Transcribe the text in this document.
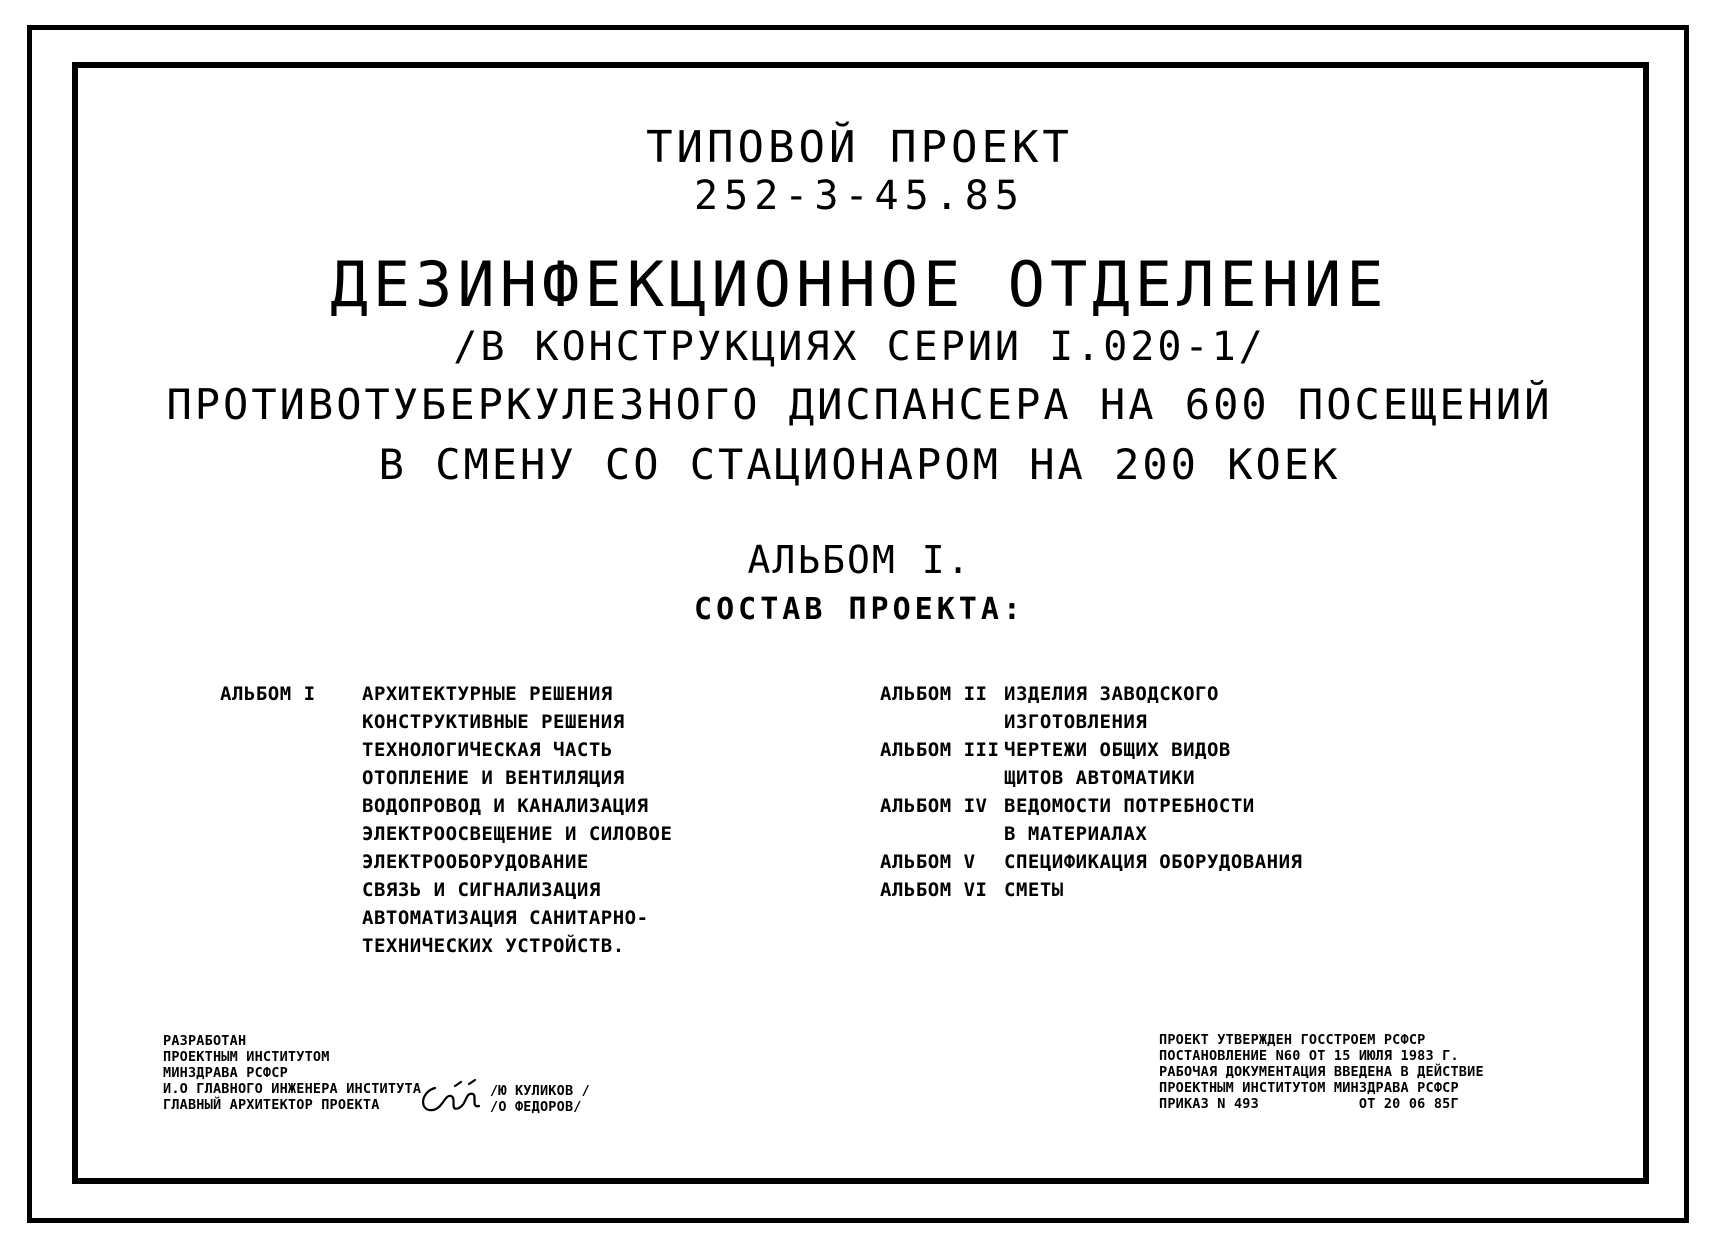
ТИПОВОЙ ПРОЕКТ
252-3-45.85
ДЕЗИНФЕКЦИОННОЕ ОТДЕЛЕНИЕ
/В КОНСТРУКЦИЯХ СЕРИИ I.020-1/
ПРОТИВОТУБЕРКУЛЕЗНОГО ДИСПАНСЕРА НА 600 ПОСЕЩЕНИЙ
В СМЕНУ СО СТАЦИОНАРОМ НА 200 КОЕК
АЛЬБОМ I.
СОСТАВ ПРОЕКТА:
АЛЬБОМ I	АРХИТЕКТУРНЫЕ РЕШЕНИЯ
КОНСТРУКТИВНЫЕ РЕШЕНИЯ
ТЕХНОЛОГИЧЕСКАЯ ЧАСТЬ
ОТОПЛЕНИЕ И ВЕНТИЛЯЦИЯ
ВОДОПРОВОД И КАНАЛИЗАЦИЯ
ЭЛЕКТРООСВЕЩЕНИЕ И СИЛОВОЕ
ЭЛЕКТРООБОРУДОВАНИЕ
СВЯЗЬ И СИГНАЛИЗАЦИЯ
АВТОМАТИЗАЦИЯ САНИТАРНО-
ТЕХНИЧЕСКИХ УСТРОЙСТВ.
АЛЬБОМ II ИЗДЕЛИЯ ЗАВОДСКОГО
ИЗГОТОВЛЕНИЯ
АЛЬБОМ III ЧЕРТЕЖИ ОБЩИХ ВИДОВ
ЩИТОВ АВТОМАТИКИ
АЛЬБОМ IV ВЕДОМОСТИ ПОТРЕБНОСТИ
В МАТЕРИАЛАХ
АЛЬБОМ V	СПЕЦИФИКАЦИЯ ОБОРУДОВАНИЯ
АЛЬБОМ VI СМЕТЫ
РАЗРАБОТАН
ПРОЕКТНЫМ ИНСТИТУТОМ
МИНЗДРАВА РСФСР
И.О ГЛАВНОГО ИНЖЕНЕРА ИНСТИТУТА
ГЛАВНЫЙ АРХИТЕКТОР ПРОЕКТА
/Ю КУЛИКОВ /
/О ФЕДОРОВ/
ПРОЕКТ УТВЕРЖДЕН ГОССТРОЕМ РСФСР
ПОСТАНОВЛЕНИЕ N60 ОТ 15 ИЮЛЯ 1983 Г.
РАБОЧАЯ ДОКУМЕНТАЦИЯ ВВЕДЕНА В ДЕЙСТВИЕ
ПРОЕКТНЫМ ИНСТИТУТОМ МИНЗДРАВА РСФСР
ПРИКАЗ N 493            ОТ 20 06 85Г
